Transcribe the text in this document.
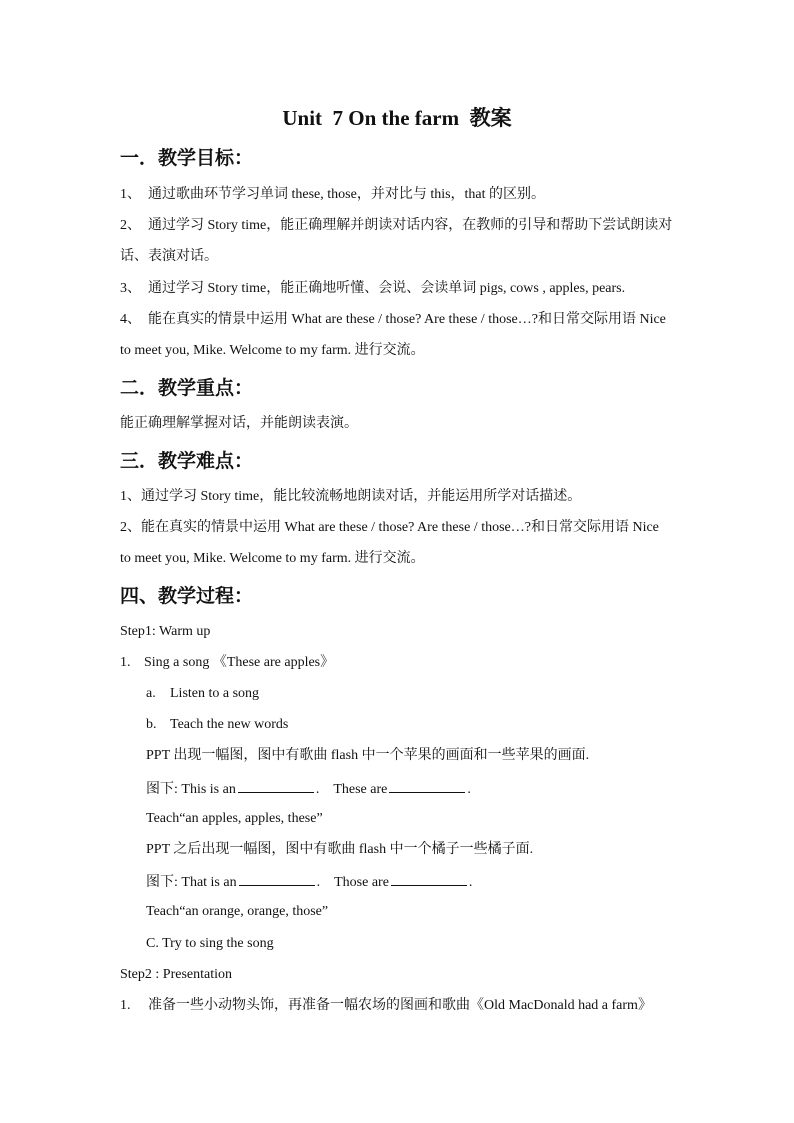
Unit  7 On the farm  教案
一．教学目标：
1、 通过歌曲环节学习单词 these, those，并对比与 this，that 的区别。
2、 通过学习 Story time，能正确理解并朗读对话内容，在教师的引导和帮助下尝试朗读对
话、表演对话。
3、 通过学习 Story time，能正确地听懂、会说、会读单词 pigs, cows , apples, pears.
4、 能在真实的情景中运用 What are these / those? Are these / those…?和日常交际用语 Nice
to meet you, Mike. Welcome to my farm. 进行交流。
二．教学重点：
能正确理解掌握对话，并能朗读表演。
三．教学难点：
1、通过学习 Story time，能比较流畅地朗读对话，并能运用所学对话描述。
2、能在真实的情景中运用 What are these / those? Are these / those…?和日常交际用语 Nice
to meet you, Mike. Welcome to my farm. 进行交流。
四、教学过程：
Step1: Warm up
1. Sing a song 《These are apples》
a. Listen to a song
b. Teach the new words
PPT 出现一幅图，图中有歌曲 flash 中一个苹果的画面和一些苹果的画面.
图下: This is an	. These are	.
Teach“an apples, apples, these”
PPT 之后出现一幅图，图中有歌曲 flash 中一个橘子一些橘子面.
图下: That is an	. Those are	.
Teach“an orange, orange, those”
C. Try to sing the song
Step2 : Presentation
1. 准备一些小动物头饰，再准备一幅农场的图画和歌曲《Old MacDonald had a farm》
